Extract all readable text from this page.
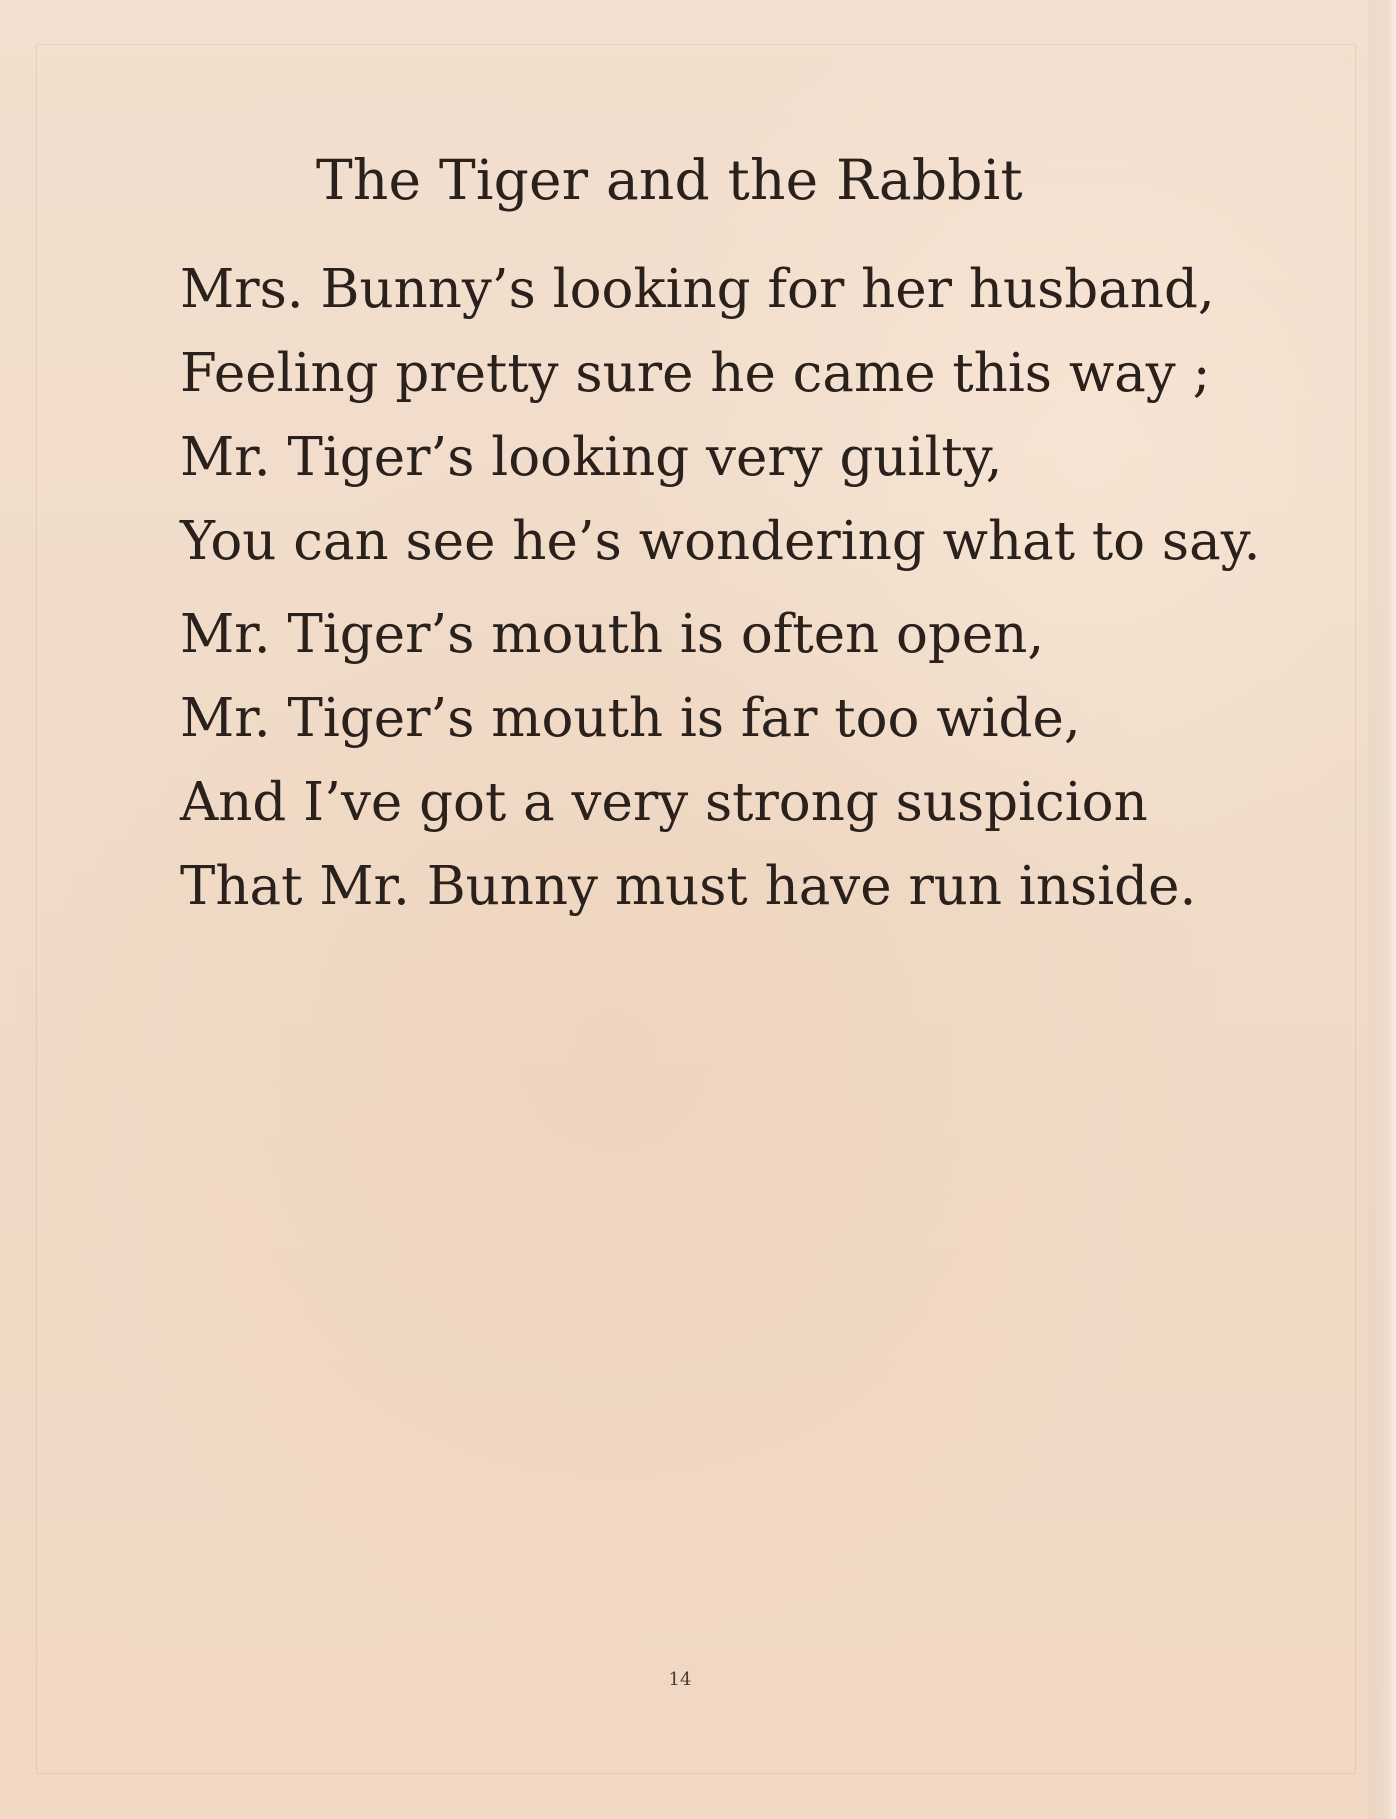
The Tiger and the Rabbit
Mrs. Bunny’s looking for her husband,
Feeling pretty sure he came this way ;
Mr. Tiger’s looking very guilty,
You can see he’s wondering what to say.
Mr. Tiger’s mouth is often open,
Mr. Tiger’s mouth is far too wide,
And I’ve got a very strong suspicion
That Mr. Bunny must have run inside.
14
